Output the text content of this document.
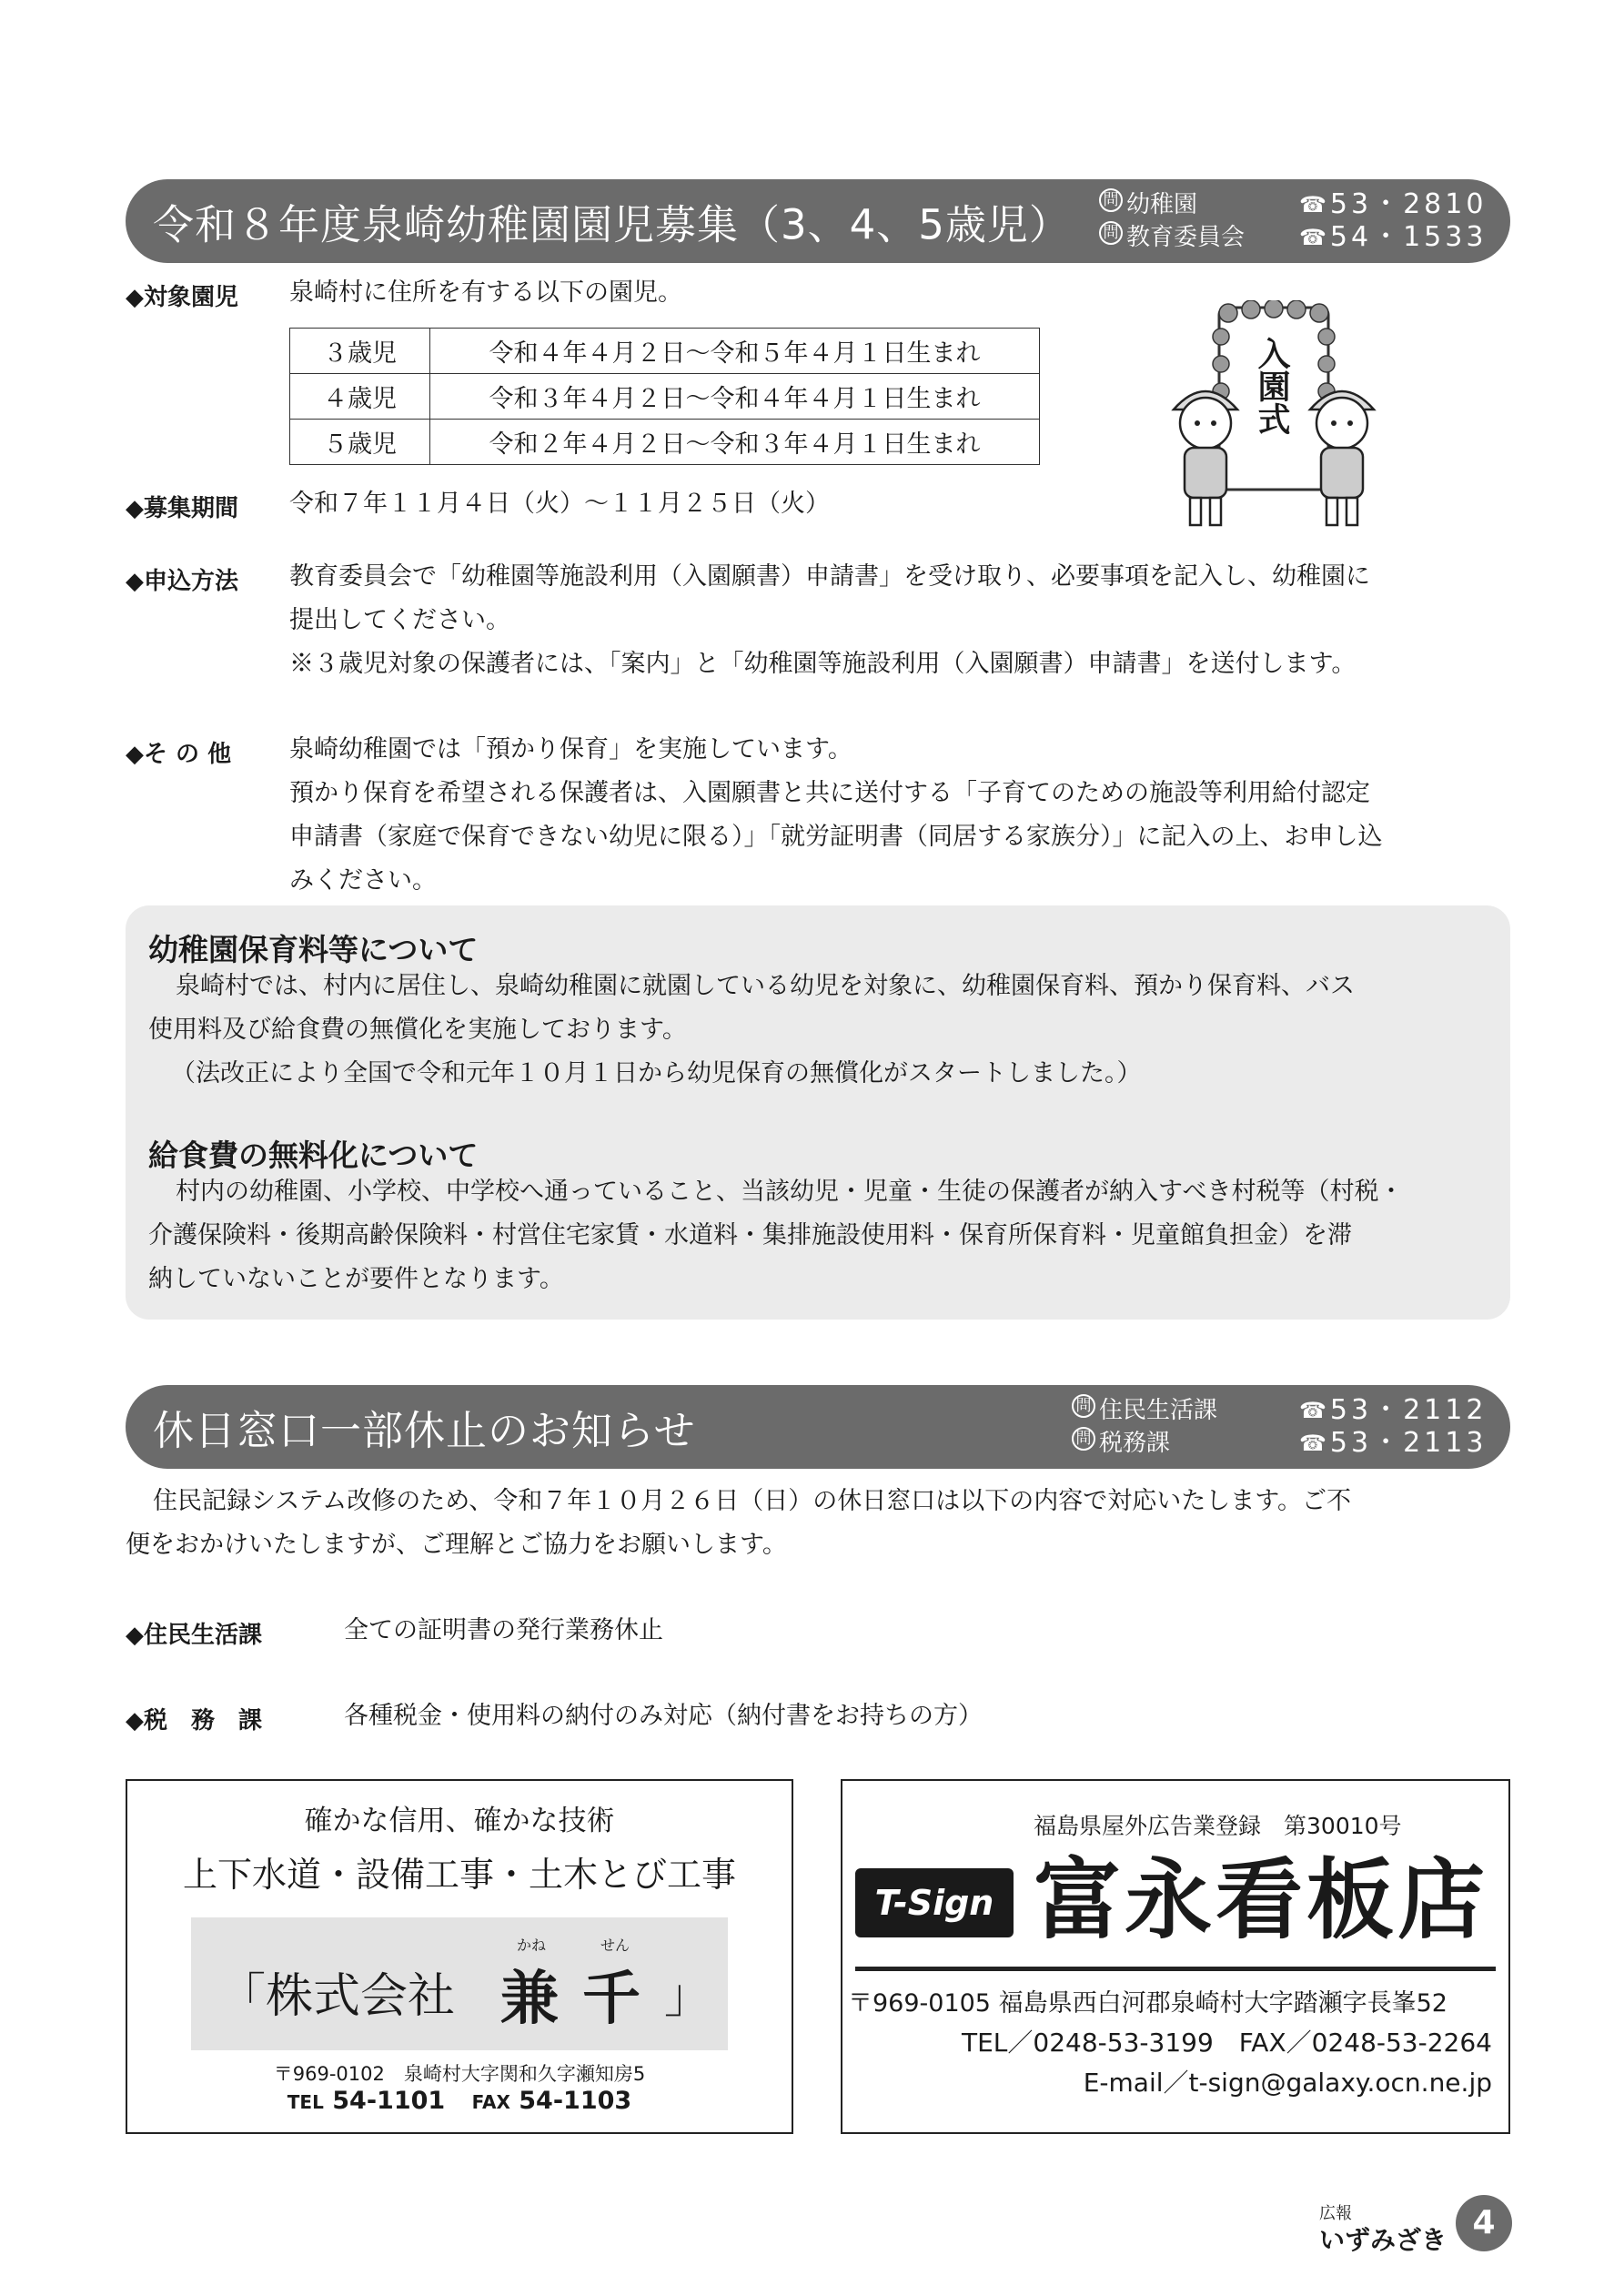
令和８年度泉崎幼稚園園児募集（3、4、5歳児）
問 幼稚園	☎ 53・2810
問 教育委員会	☎ 54・1533
◆対象園児 泉崎村に住所を有する以下の園児。
３歳児	令和４年４月２日～令和５年４月１日生まれ
４歳児	令和３年４月２日～令和４年４月１日生まれ
５歳児	令和２年４月２日～令和３年４月１日生まれ
入園式
◆募集期間 令和７年１１月４日（火）～１１月２５日（火）
◆申込方法 教育委員会で「幼稚園等施設利用（入園願書）申請書」を受け取り、必要事項を記入し、幼稚園に
提出してください。
※３歳児対象の保護者には、「案内」と「幼稚園等施設利用（入園願書）申請書」を送付します。
◆そ の 他 泉崎幼稚園では「預かり保育」を実施しています。
預かり保育を希望される保護者は、入園願書と共に送付する「子育てのための施設等利用給付認定
申請書（家庭で保育できない幼児に限る）」「就労証明書（同居する家族分）」に記入の上、お申し込
みください。
幼稚園保育料等について
泉崎村では、村内に居住し、泉崎幼稚園に就園している幼児を対象に、幼稚園保育料、預かり保育料、バス
使用料及び給食費の無償化を実施しております。
（法改正により全国で令和元年１０月１日から幼児保育の無償化がスタートしました。）
給食費の無料化について
村内の幼稚園、小学校、中学校へ通っていること、当該幼児・児童・生徒の保護者が納入すべき村税等（村税・
介護保険料・後期高齢保険料・村営住宅家賃・水道料・集排施設使用料・保育所保育料・児童館負担金）を滞
納していないことが要件となります。
休日窓口一部休止のお知らせ
問 住民生活課	☎ 53・2112
問 税務課	☎ 53・2113
住民記録システム改修のため、令和７年１０月２６日（日）の休日窓口は以下の内容で対応いたします。ご不
便をおかけいたしますが、ご理解とご協力をお願いします。
◆住民生活課	全ての証明書の発行業務休止
◆税　務　課	各種税金・使用料の納付のみ対応（納付書をお持ちの方）
確かな信用、確かな技術
上下水道・設備工事・土木とび工事
「株式会社
かね
兼
せん
千 」
〒969-0102　泉崎村大字関和久字瀬知房5
TEL 54-1101 FAX 54-1103
福島県屋外広告業登録　第30010号
T-Sign 富永看板店
〒969-0105 福島県西白河郡泉崎村大字踏瀬字長峯52
TEL／0248-53-3199　FAX／0248-53-2264
E-mail／t-sign@galaxy.ocn.ne.jp
広報
いずみざき 4
